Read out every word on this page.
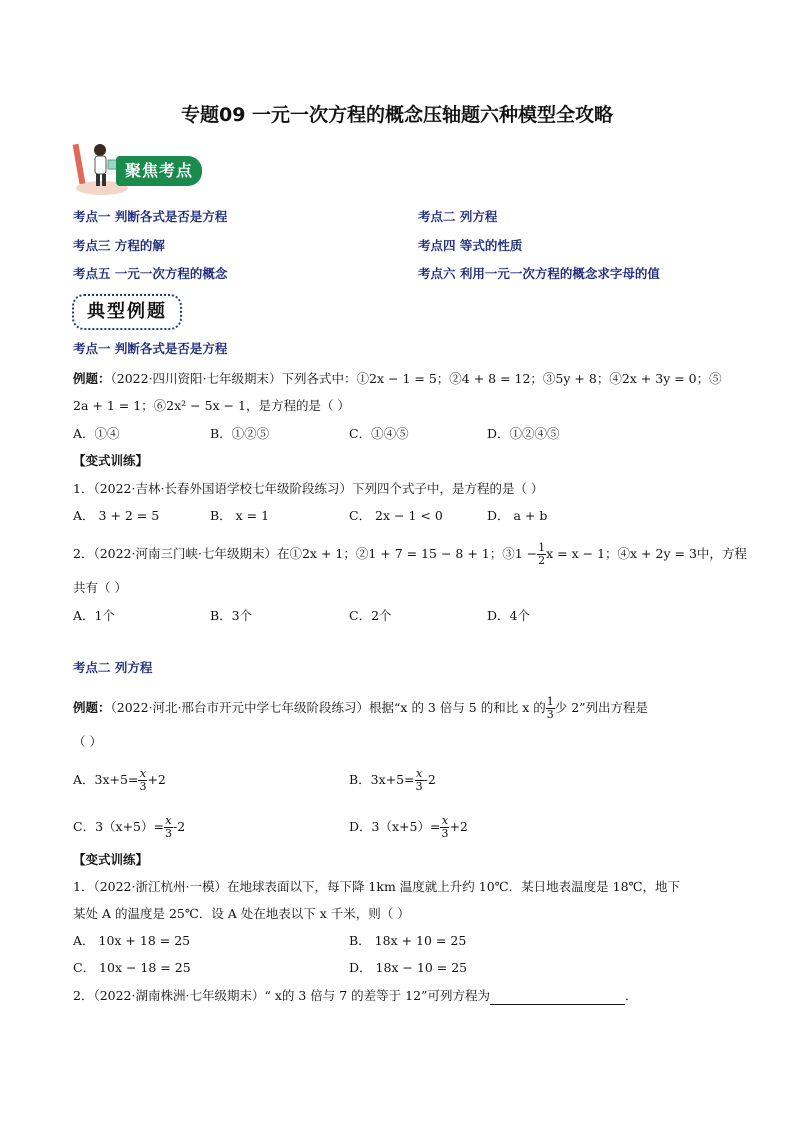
专题09 一元一次方程的概念压轴题六种模型全攻略
聚焦考点
考点一 判断各式是否是方程	考点二 列方程
考点三 方程的解	考点四 等式的性质
考点五 一元一次方程的概念	考点六 利用一元一次方程的概念求字母的值
典型例题
考点一 判断各式是否是方程
例题：（2022·四川资阳·七年级期末）下列各式中：①2x − 1 = 5；②4 + 8 = 12；③5y + 8；④2x + 3y = 0；⑤
2a + 1 = 1；⑥2x² − 5x − 1，是方程的是（ ）
A．①④	B．①②⑤	C．①④⑤	D．①②④⑤
【变式训练】
1．（2022·吉林·长春外国语学校七年级阶段练习）下列四个式子中，是方程的是（ ）
A． 3 + 2 = 5	B． x = 1	C． 2x − 1 < 0	D． a + b
2．（2022·河南三门峡·七年级期末）在①2x + 1；②1 + 7 = 15 − 8 + 1；③1 − $\frac{1}{2}$ x = x − 1；④x + 2y = 3中，方程
共有（ ）
A．1个	B．3个	C．2个	D．4个
考点二 列方程
例题：（2022·河北·邢台市开元中学七年级阶段练习）根据“x 的 3 倍与 5 的和比 x 的 $\frac{1}{3}$ 少 2”列出方程是
（ ）
A．$3x+5= \frac{x}{3} +2$	B．$3x+5= \frac{x}{3} -2$
C．$3(x+5)= \frac{x}{3} -2$	D．$3(x+5)= \frac{x}{3} +2$
【变式训练】
1．（2022·浙江杭州·一模）在地球表面以下，每下降 1km 温度就上升约 10℃．某日地表温度是 18℃，地下
某处 A 的温度是 25℃．设 A 处在地表以下 x 千米，则（ ）
A． 10x + 18 = 25	B． 18x + 10 = 25
C． 10x − 18 = 25	D． 18x − 10 = 25
2．（2022·湖南株洲·七年级期末）“ x的 3 倍与 7 的差等于 12”可列方程为	．
